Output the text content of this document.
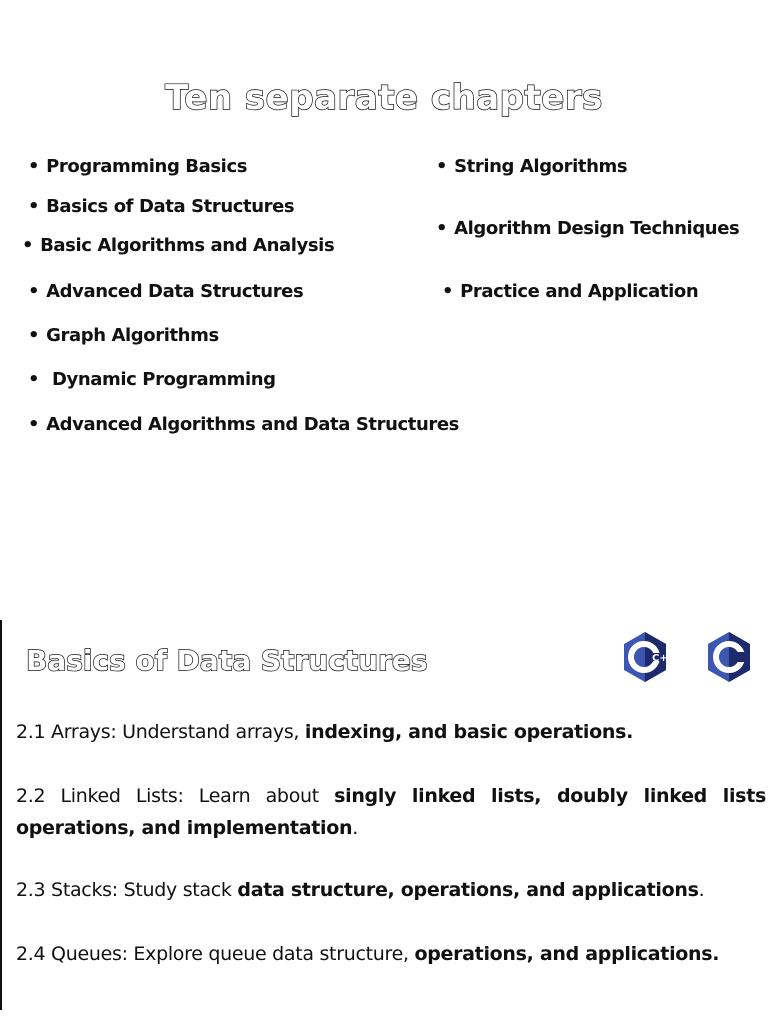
Ten separate chapters
• Programming Basics
• Basics of Data Structures
• Basic Algorithms and Analysis
• Advanced Data Structures
• Graph Algorithms
• Dynamic Programming
• Advanced Algorithms and Data Structures
• String Algorithms
• Algorithm Design Techniques
• Practice and Application
Basics of Data Structures	C++	C
2.1 Arrays: Understand arrays, indexing, and basic operations.
2.2 Linked Lists: Learn about singly linked lists, doubly linked lists operations, and implementation.
2.3 Stacks: Study stack data structure, operations, and applications.
2.4 Queues: Explore queue data structure, operations, and applications.
